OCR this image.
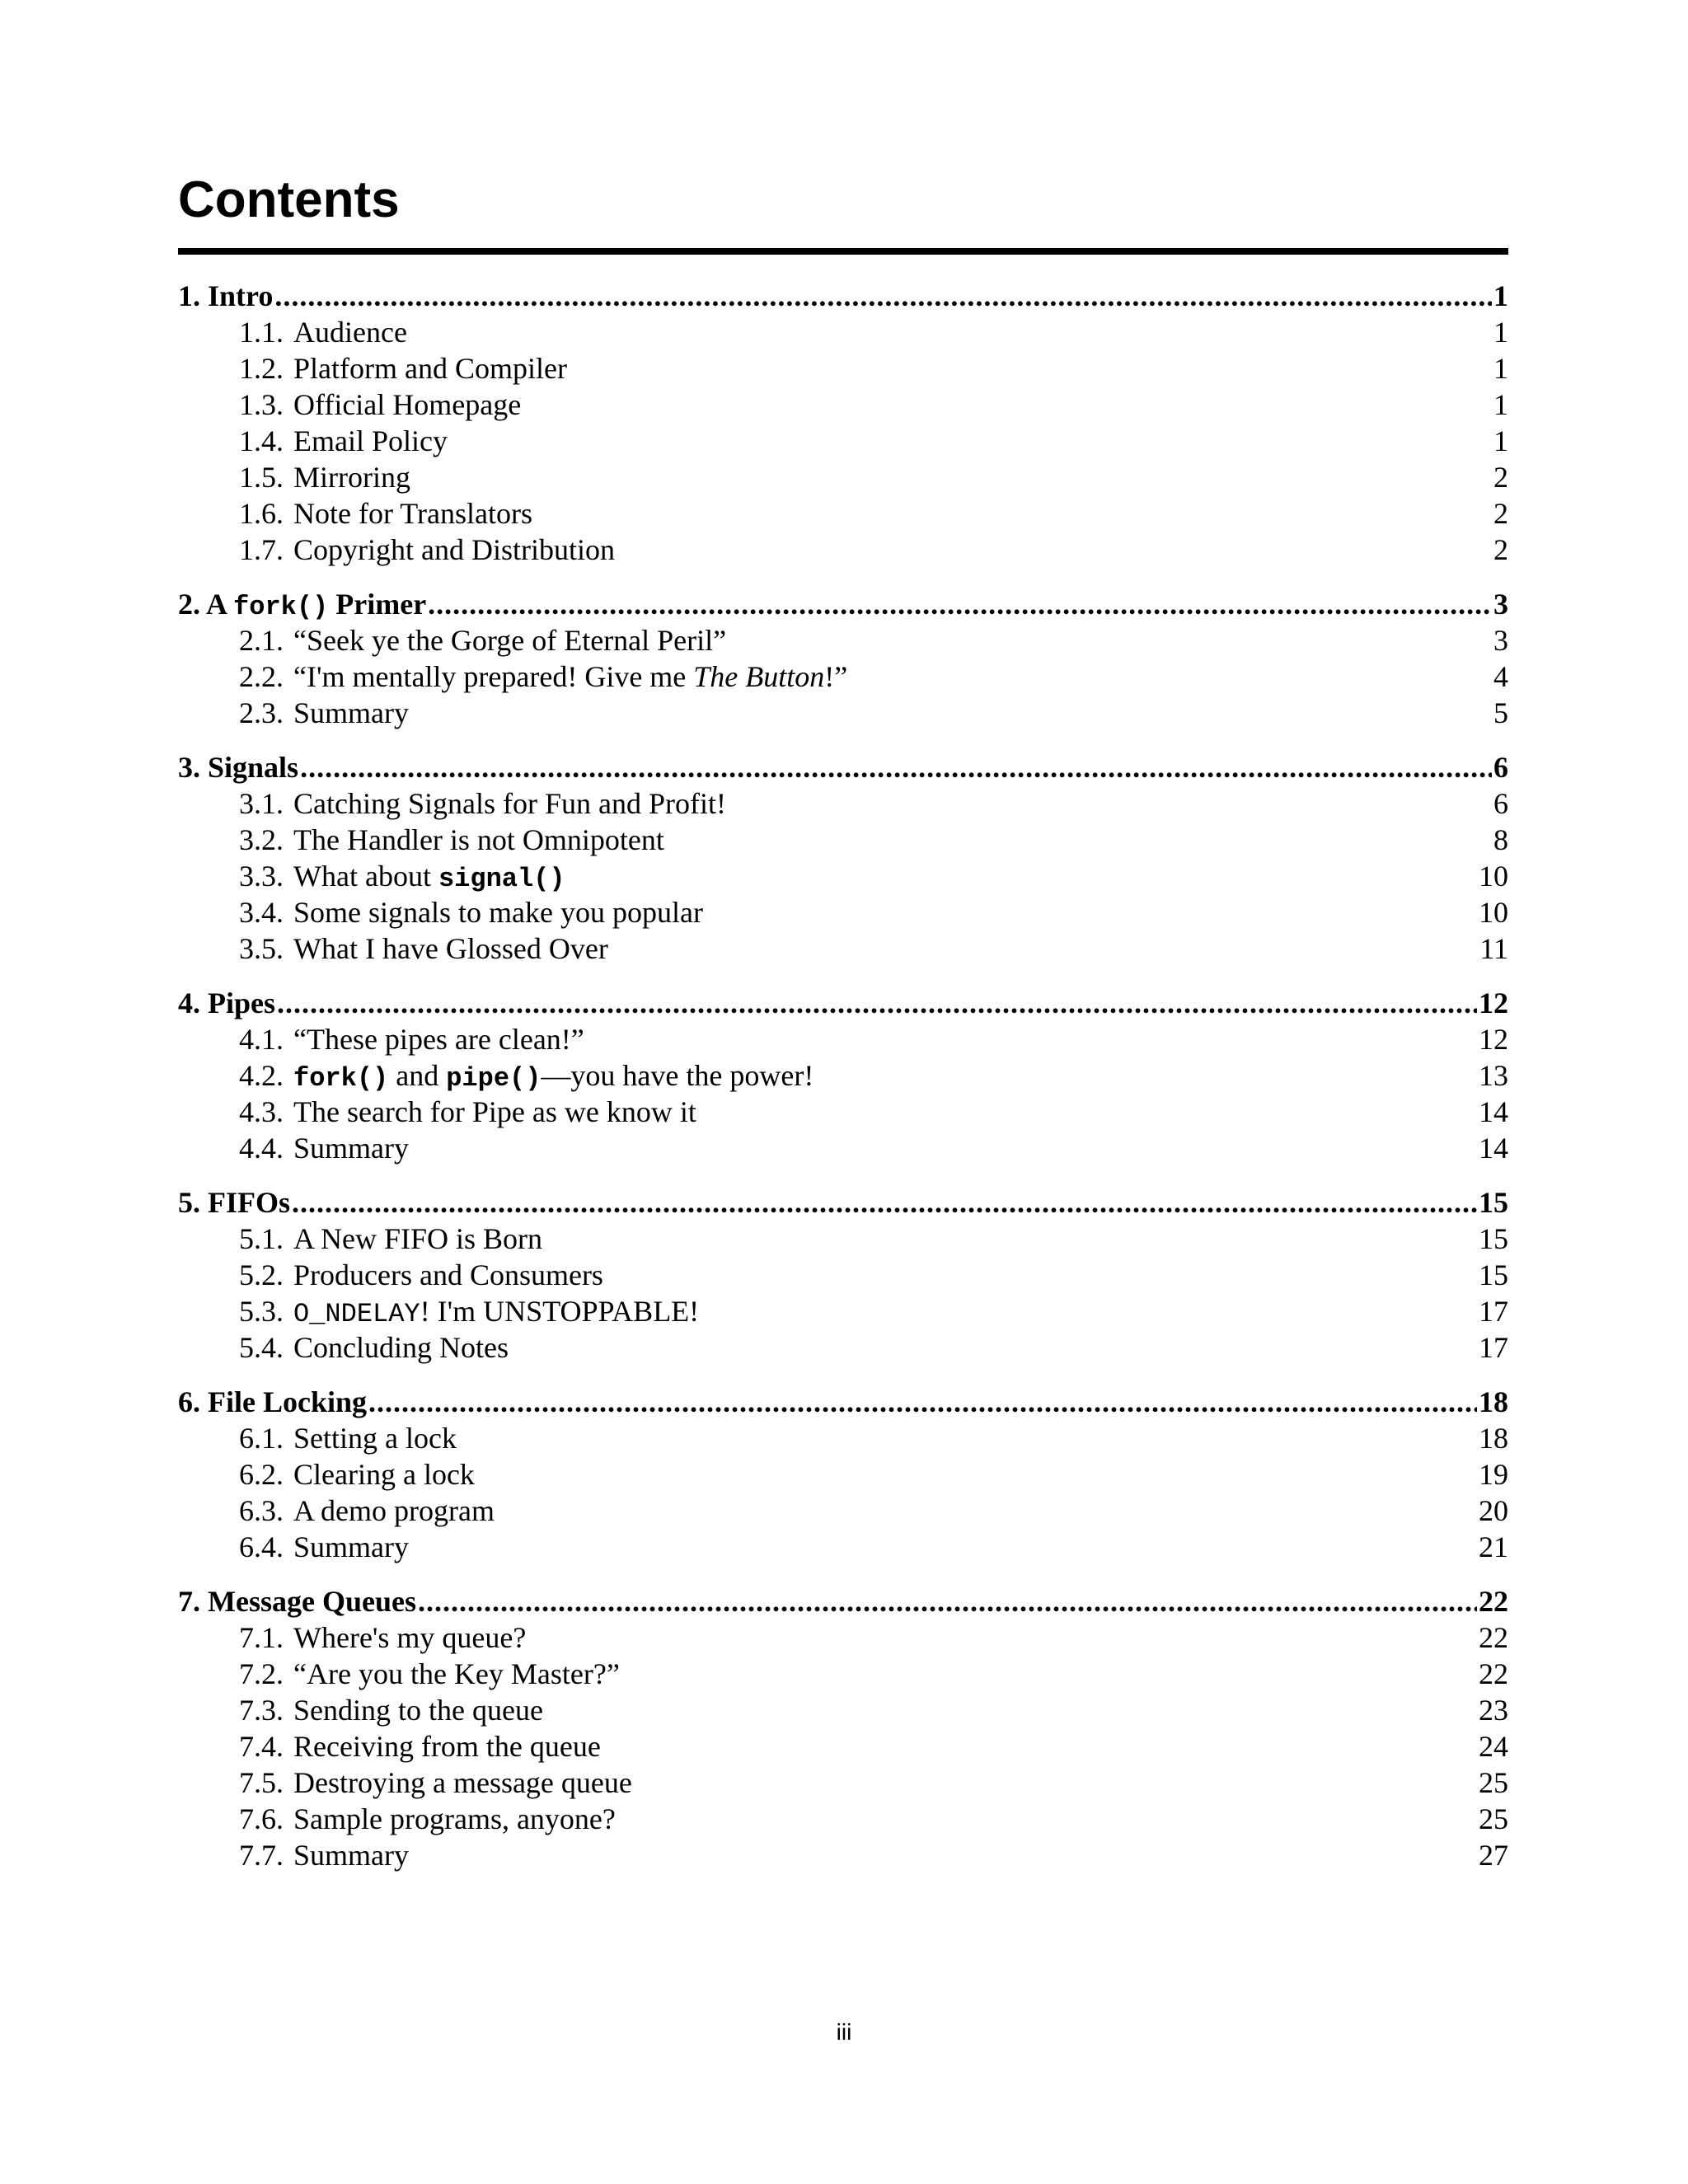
Contents
1. Intro .....	1
1.1. Audience	1
1.2. Platform and Compiler	1
1.3. Official Homepage	1
1.4. Email Policy	1
1.5. Mirroring	2
1.6. Note for Translators	2
1.7. Copyright and Distribution	2
2. A fork() Primer .....	3
2.1. “Seek ye the Gorge of Eternal Peril”	3
2.2. “I'm mentally prepared! Give me The Button!”	4
2.3. Summary	5
3. Signals .....	6
3.1. Catching Signals for Fun and Profit!	6
3.2. The Handler is not Omnipotent	8
3.3. What about signal()	10
3.4. Some signals to make you popular	10
3.5. What I have Glossed Over	11
4. Pipes .....	12
4.1. “These pipes are clean!”	12
4.2. fork() and pipe()—you have the power!	13
4.3. The search for Pipe as we know it	14
4.4. Summary	14
5. FIFOs .....	15
5.1. A New FIFO is Born	15
5.2. Producers and Consumers	15
5.3. O_NDELAY! I'm UNSTOPPABLE!	17
5.4. Concluding Notes	17
6. File Locking .....	18
6.1. Setting a lock	18
6.2. Clearing a lock	19
6.3. A demo program	20
6.4. Summary	21
7. Message Queues .....	22
7.1. Where's my queue?	22
7.2. “Are you the Key Master?”	22
7.3. Sending to the queue	23
7.4. Receiving from the queue	24
7.5. Destroying a message queue	25
7.6. Sample programs, anyone?	25
7.7. Summary	27
iii
